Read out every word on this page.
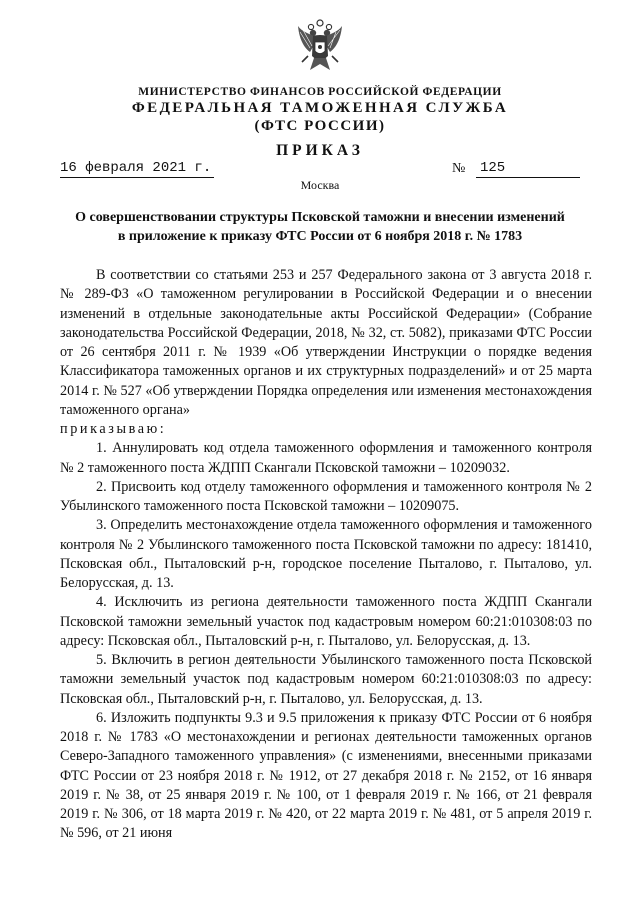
МИНИСТЕРСТВО ФИНАНСОВ РОССИЙСКОЙ ФЕДЕРАЦИИ
ФЕДЕРАЛЬНАЯ ТАМОЖЕННАЯ СЛУЖБА
(ФТС РОССИИ)
ПРИКАЗ
16 февраля 2021 г.	№ 125
Москва
О совершенствовании структуры Псковской таможни и внесении изменений
в приложение к приказу ФТС России от 6 ноября 2018 г. № 1783

В соответствии со статьями 253 и 257 Федерального закона от 3 августа 2018 г. № 289-ФЗ «О таможенном регулировании в Российской Федерации и о внесении изменений в отдельные законодательные акты Российской Федерации» (Собрание законодательства Российской Федерации, 2018, № 32, ст. 5082), приказами ФТС России от 26 сентября 2011 г. № 1939 «Об утверждении Инструкции о порядке ведения Классификатора таможенных органов и их структурных подразделений» и от 25 марта 2014 г. № 527 «Об утверждении Порядка определения или изменения местонахождения таможенного органа»

приказываю:

1. Аннулировать код отдела таможенного оформления и таможенного контроля № 2 таможенного поста ЖДПП Скангали Псковской таможни – 10209032.

2. Присвоить код отделу таможенного оформления и таможенного контроля № 2 Убылинского таможенного поста Псковской таможни – 10209075.

3. Определить местонахождение отдела таможенного оформления и таможенного контроля № 2 Убылинского таможенного поста Псковской таможни по адресу: 181410, Псковская обл., Пыталовский р-н, городское поселение Пыталово, г. Пыталово, ул. Белорусская, д. 13.

4. Исключить из региона деятельности таможенного поста ЖДПП Скангали Псковской таможни земельный участок под кадастровым номером 60:21:010308:03 по адресу: Псковская обл., Пыталовский р-н, г. Пыталово, ул. Белорусская, д. 13.

5. Включить в регион деятельности Убылинского таможенного поста Псковской таможни земельный участок под кадастровым номером 60:21:010308:03 по адресу: Псковская обл., Пыталовский р-н, г. Пыталово, ул. Белорусская, д. 13.

6. Изложить подпункты 9.3 и 9.5 приложения к приказу ФТС России от 6 ноября 2018 г. № 1783 «О местонахождении и регионах деятельности таможенных органов Северо-Западного таможенного управления» (с изменениями, внесенными приказами ФТС России от 23 ноября 2018 г. № 1912, от 27 декабря 2018 г. № 2152, от 16 января 2019 г. № 38, от 25 января 2019 г. № 100, от 1 февраля 2019 г. № 166, от 21 февраля 2019 г. № 306, от 18 марта 2019 г. № 420, от 22 марта 2019 г. № 481, от 5 апреля 2019 г. № 596, от 21 июня
